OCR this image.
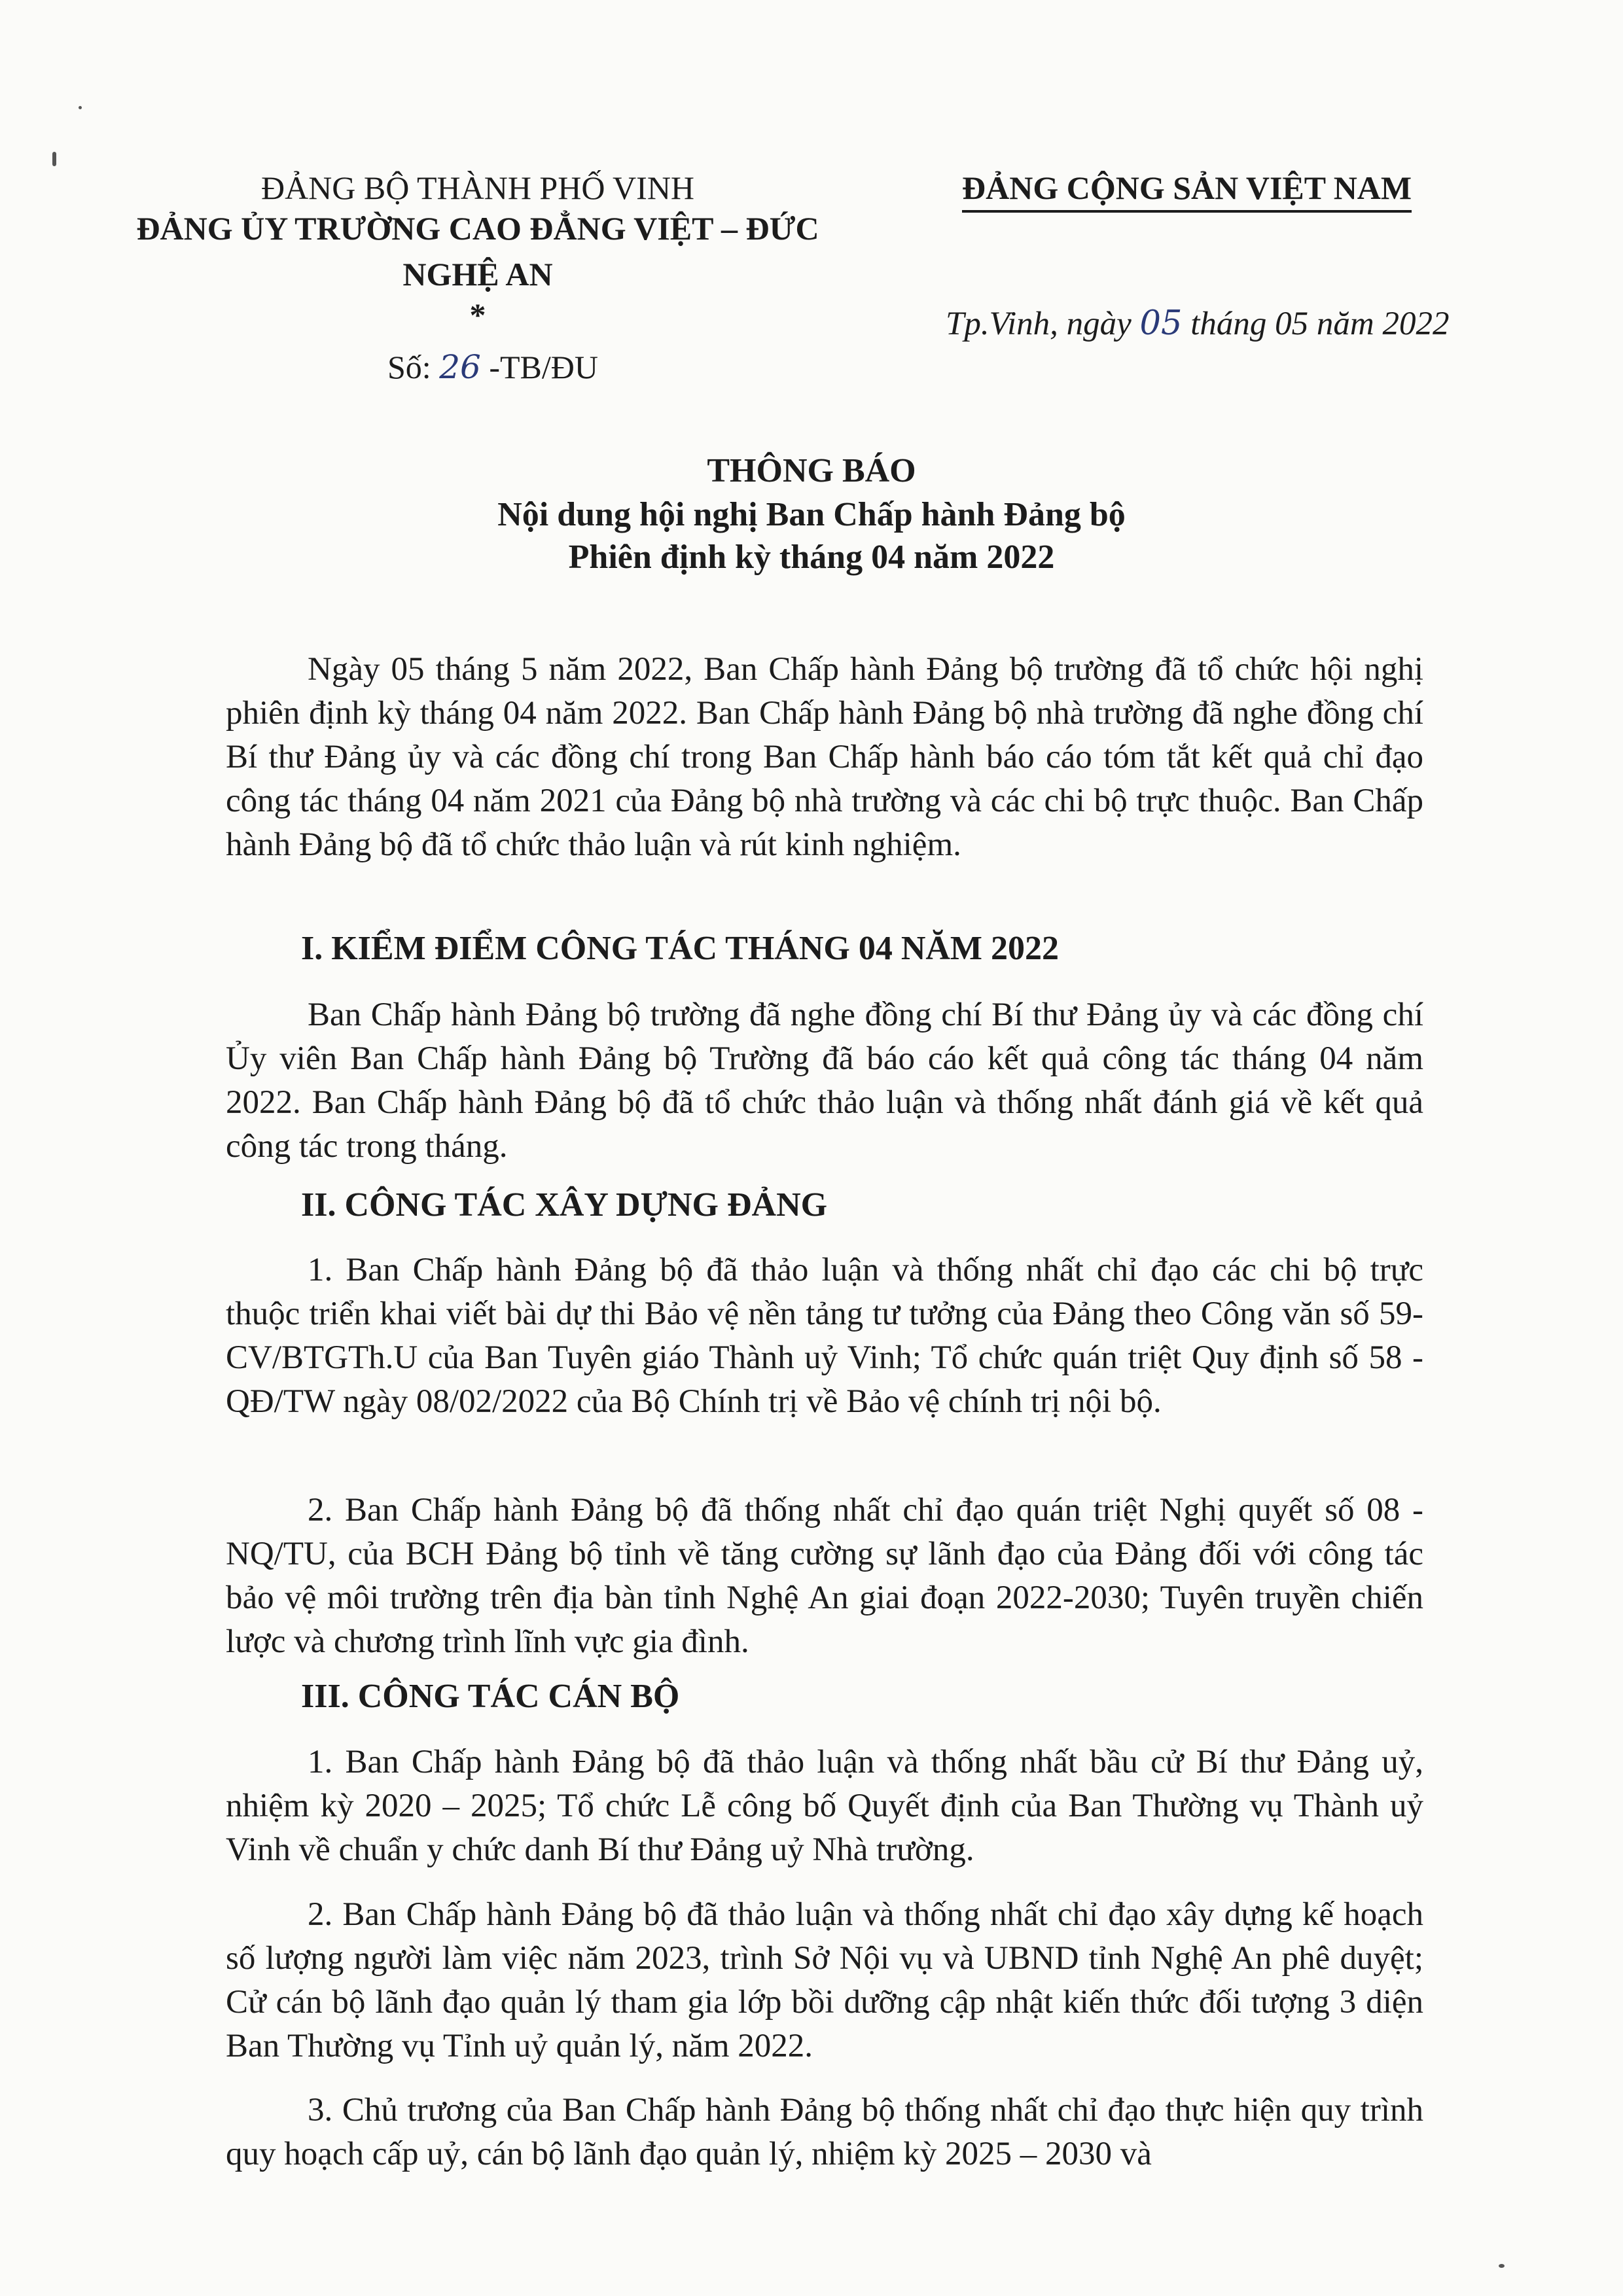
ĐẢNG BỘ THÀNH PHỐ VINH
ĐẢNG ỦY TRƯỜNG CAO ĐẲNG VIỆT – ĐỨC
NGHỆ AN
*
Số: 26 -TB/ĐU
ĐẢNG CỘNG SẢN VIỆT NAM
Tp.Vinh, ngày 05 tháng 05 năm 2022
THÔNG BÁO
Nội dung hội nghị Ban Chấp hành Đảng bộ
Phiên định kỳ tháng 04 năm 2022
Ngày 05 tháng 5 năm 2022, Ban Chấp hành Đảng bộ trường đã tổ chức hội nghị phiên định kỳ tháng 04 năm 2022. Ban Chấp hành Đảng bộ nhà trường đã nghe đồng chí Bí thư Đảng ủy và các đồng chí trong Ban Chấp hành báo cáo tóm tắt kết quả chỉ đạo công tác tháng 04 năm 2021 của Đảng bộ nhà trường và các chi bộ trực thuộc. Ban Chấp hành Đảng bộ đã tổ chức thảo luận và rút kinh nghiệm.
I. KIỂM ĐIỂM CÔNG TÁC THÁNG 04 NĂM 2022
Ban Chấp hành Đảng bộ trường đã nghe đồng chí Bí thư Đảng ủy và các đồng chí Ủy viên Ban Chấp hành Đảng bộ Trường đã báo cáo kết quả công tác tháng 04 năm 2022. Ban Chấp hành Đảng bộ đã tổ chức thảo luận và thống nhất đánh giá về kết quả công tác trong tháng.
II. CÔNG TÁC XÂY DỰNG ĐẢNG
1. Ban Chấp hành Đảng bộ đã thảo luận và thống nhất chỉ đạo các chi bộ trực thuộc triển khai viết bài dự thi Bảo vệ nền tảng tư tưởng của Đảng theo Công văn số 59-CV/BTGTh.U của Ban Tuyên giáo Thành uỷ Vinh; Tổ chức quán triệt Quy định số 58 -QĐ/TW ngày 08/02/2022 của Bộ Chính trị về Bảo vệ chính trị nội bộ.
2. Ban Chấp hành Đảng bộ đã thống nhất chỉ đạo quán triệt Nghị quyết số 08 - NQ/TU, của BCH Đảng bộ tỉnh về tăng cường sự lãnh đạo của Đảng đối với công tác bảo vệ môi trường trên địa bàn tỉnh Nghệ An giai đoạn 2022-2030; Tuyên truyền chiến lược và chương trình lĩnh vực gia đình.
III. CÔNG TÁC CÁN BỘ
1. Ban Chấp hành Đảng bộ đã thảo luận và thống nhất bầu cử Bí thư Đảng uỷ, nhiệm kỳ 2020 – 2025; Tổ chức Lễ công bố Quyết định của Ban Thường vụ Thành uỷ Vinh về chuẩn y chức danh Bí thư Đảng uỷ Nhà trường.
2. Ban Chấp hành Đảng bộ đã thảo luận và thống nhất chỉ đạo xây dựng kế hoạch số lượng người làm việc năm 2023, trình Sở Nội vụ và UBND tỉnh Nghệ An phê duyệt; Cử cán bộ lãnh đạo quản lý tham gia lớp bồi dưỡng cập nhật kiến thức đối tượng 3 diện Ban Thường vụ Tỉnh uỷ quản lý, năm 2022.
3. Chủ trương của Ban Chấp hành Đảng bộ thống nhất chỉ đạo thực hiện quy trình quy hoạch cấp uỷ, cán bộ lãnh đạo quản lý, nhiệm kỳ 2025 – 2030 và
